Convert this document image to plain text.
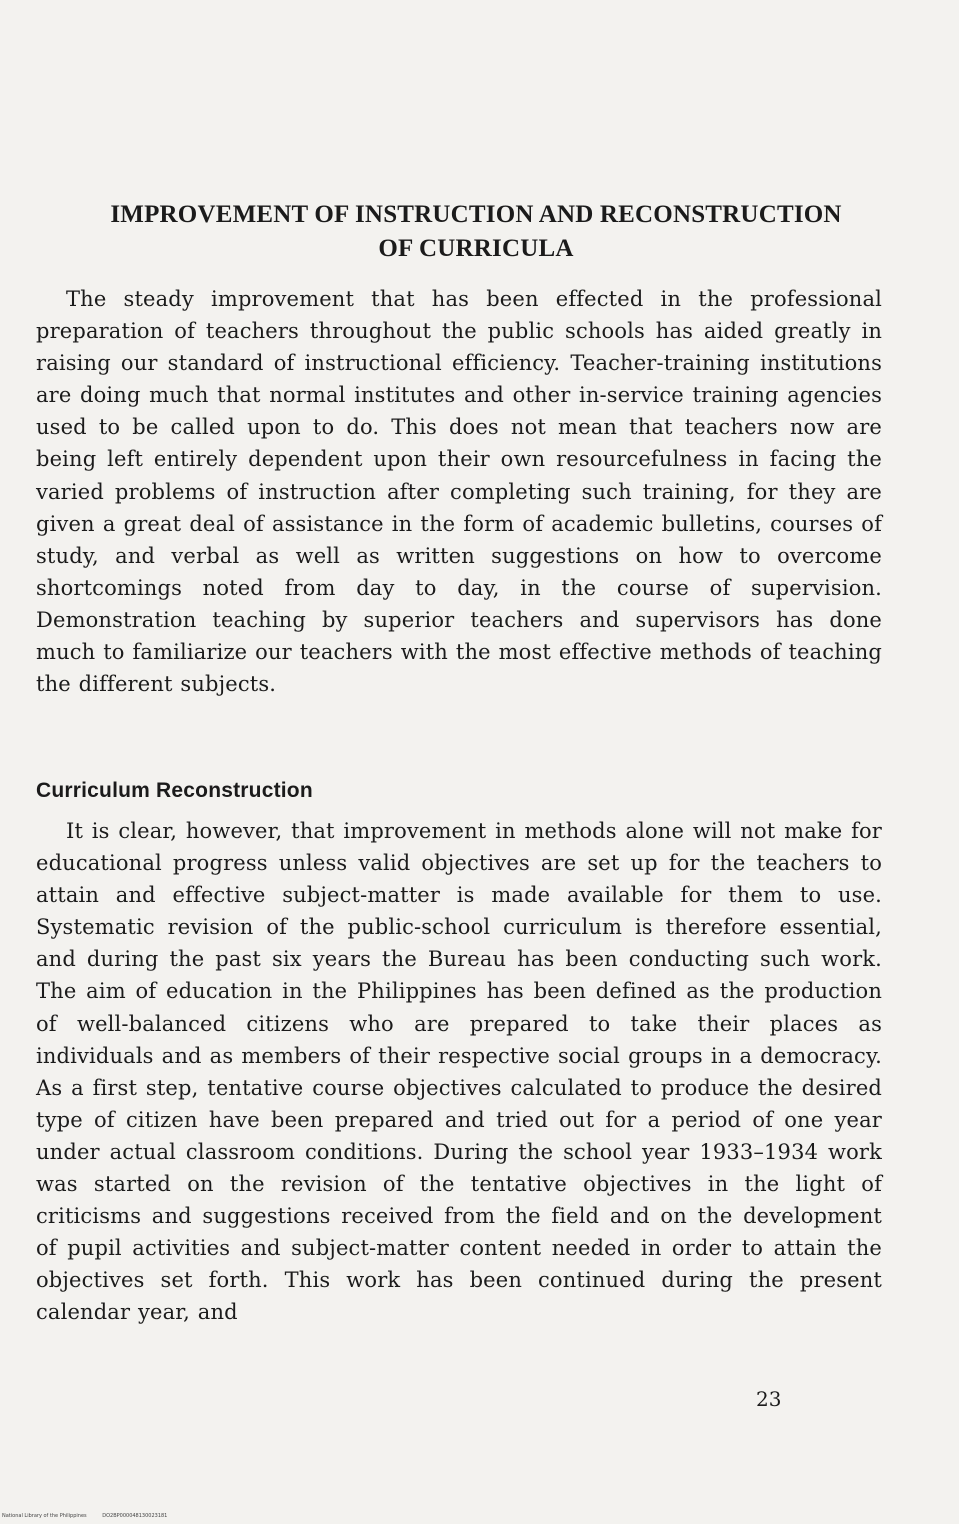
IMPROVEMENT OF INSTRUCTION AND RECONSTRUCTION
OF CURRICULA

The steady improvement that has been effected in the professional preparation of teachers throughout the public schools has aided greatly in raising our standard of instructional efficiency. Teacher-training institutions are doing much that normal institutes and other in-service training agencies used to be called upon to do. This does not mean that teachers now are being left entirely dependent upon their own resourcefulness in facing the varied problems of instruction after completing such training, for they are given a great deal of assistance in the form of academic bulletins, courses of study, and verbal as well as written suggestions on how to overcome shortcomings noted from day to day, in the course of supervision. Demonstration teaching by superior teachers and supervisors has done much to familiarize our teachers with the most effective methods of teaching the different subjects.

Curriculum Reconstruction

It is clear, however, that improvement in methods alone will not make for educational progress unless valid objectives are set up for the teachers to attain and effective subject-matter is made available for them to use. Systematic revision of the public-school curriculum is therefore essential, and during the past six years the Bureau has been conducting such work. The aim of education in the Philippines has been defined as the production of well-balanced citizens who are prepared to take their places as individuals and as members of their respective social groups in a democracy. As a first step, tentative course objectives calculated to produce the desired type of citizen have been prepared and tried out for a period of one year under actual classroom conditions. During the school year 1933–1934 work was started on the revision of the tentative objectives in the light of criticisms and suggestions received from the field and on the development of pupil activities and subject-matter content needed in order to attain the objectives set forth. This work has been continued during the present calendar year, and

23
National Library of the Philippines	DO2BP000048130023181
